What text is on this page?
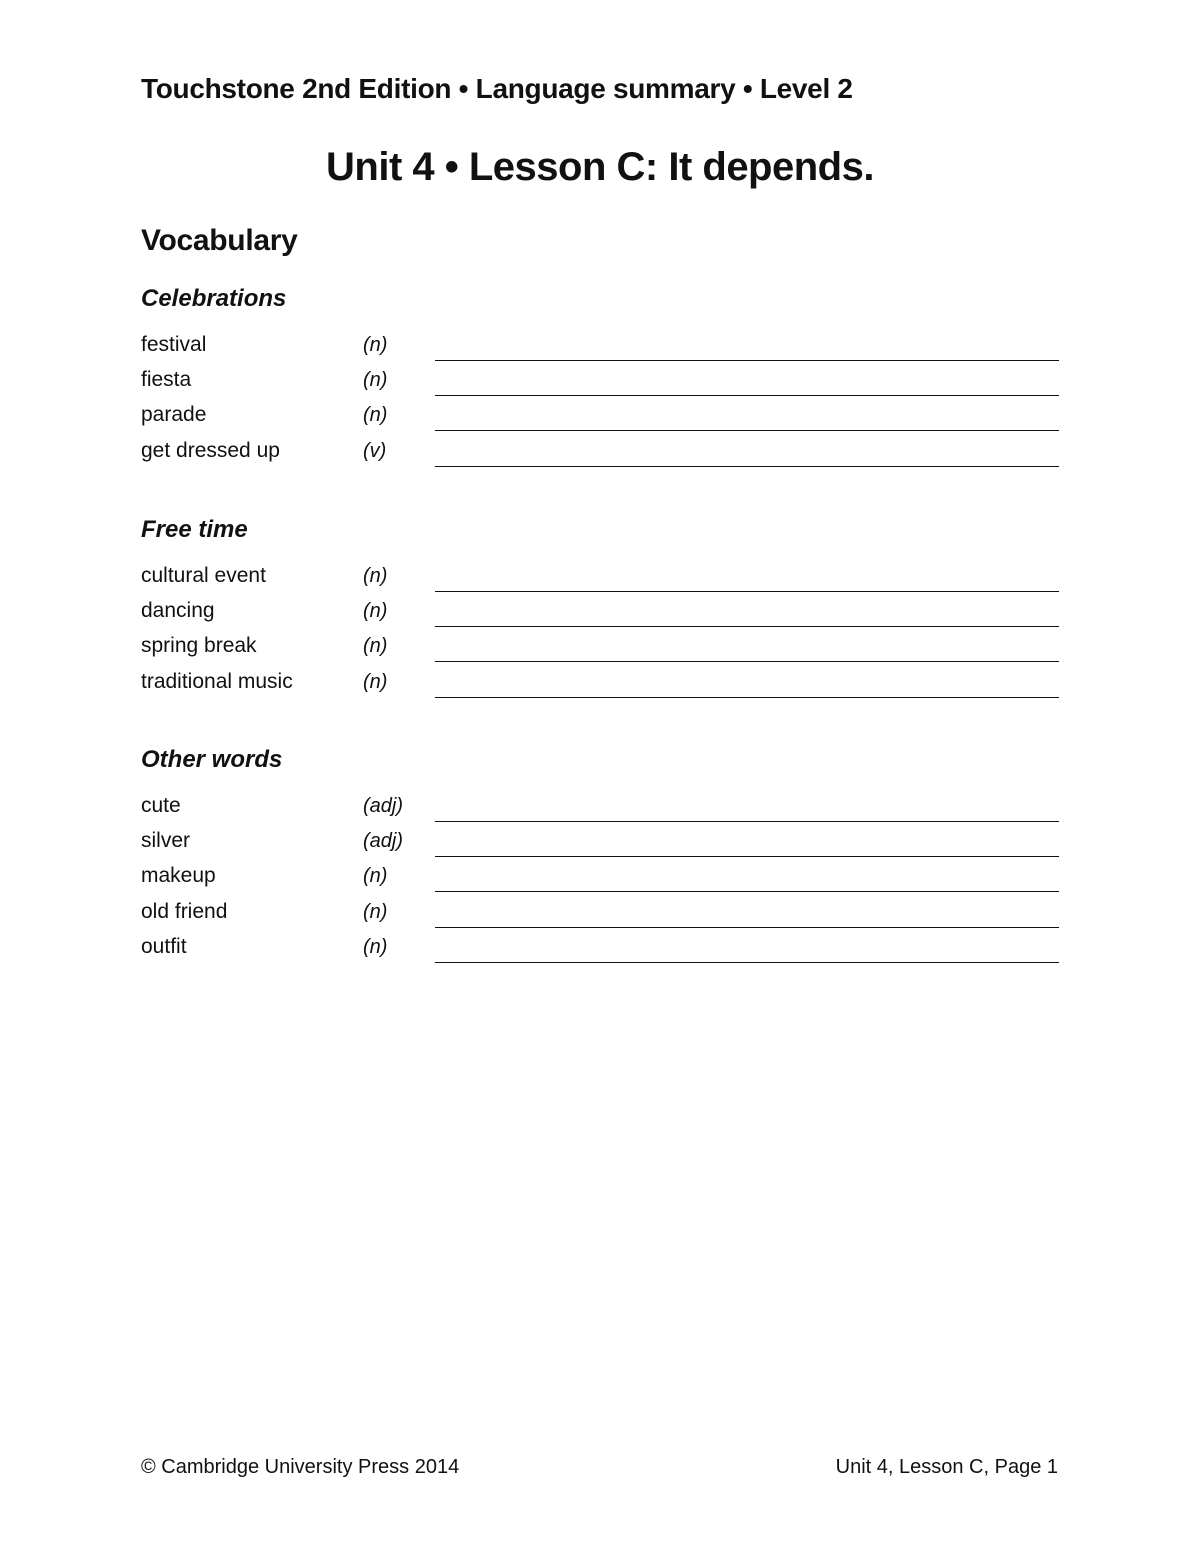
Touchstone 2nd Edition • Language summary • Level 2
Unit 4 • Lesson C: It depends.
Vocabulary
Celebrations
festival	(n)
fiesta	(n)
parade	(n)
get dressed up	(v)
Free time
cultural event	(n)
dancing	(n)
spring break	(n)
traditional music	(n)
Other words
cute	(adj)
silver	(adj)
makeup	(n)
old friend	(n)
outfit	(n)
© Cambridge University Press 2014	Unit 4, Lesson C, Page 1
